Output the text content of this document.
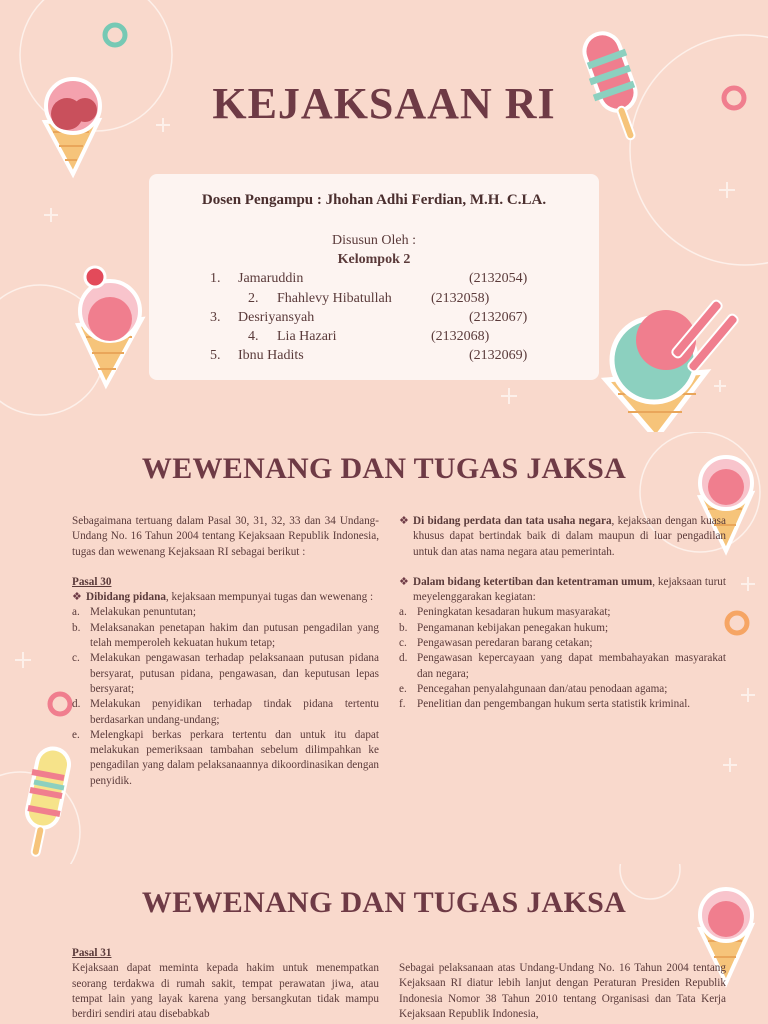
KEJAKSAAN RI
Dosen Pengampu : Jhohan Adhi Ferdian, M.H. C.LA.
Disusun Oleh :
Kelompok 2
1. Jamaruddin	(2132054)
2. Fhahlevy Hibatullah	(2132058)
3. Desriyansyah	(2132067)
4. Lia Hazari	(2132068)
5. Ibnu Hadits	(2132069)
WEWENANG DAN TUGAS JAKSA

Sebagaimana tertuang dalam Pasal 30, 31, 32, 33 dan 34 Undang-Undang No. 16 Tahun 2004 tentang Kejaksaan Republik Indonesia, tugas dan wewenang Kejaksaan RI sebagai berikut :

Pasal 30

❖ Dibidang pidana, kejaksaan mempunyai tugas dan wewenang :

a. Melakukan penuntutan;

b. Melaksanakan penetapan hakim dan putusan pengadilan yang telah memperoleh kekuatan hukum tetap;

c. Melakukan pengawasan terhadap pelaksanaan putusan pidana bersyarat, putusan pidana, pengawasan, dan keputusan lepas bersyarat;

d. Melakukan penyidikan terhadap tindak pidana tertentu berdasarkan undang-undang;

e. Melengkapi berkas perkara tertentu dan untuk itu dapat melakukan pemeriksaan tambahan sebelum dilimpahkan ke pengadilan yang dalam pelaksanaannya dikoordinasikan dengan penyidik.

❖ Di bidang perdata dan tata usaha negara, kejaksaan dengan kuasa khusus dapat bertindak baik di dalam maupun di luar pengadilan untuk dan atas nama negara atau pemerintah.

❖ Dalam bidang ketertiban dan ketentraman umum, kejaksaan turut meyelenggarakan kegiatan:

a. Peningkatan kesadaran hukum masyarakat;

b. Pengamanan kebijakan penegakan hukum;

c. Pengawasan peredaran barang cetakan;

d. Pengawasan kepercayaan yang dapat membahayakan masyarakat dan negara;

e. Pencegahan penyalahgunaan dan/atau penodaan agama;

f. Penelitian dan pengembangan hukum serta statistik kriminal.

WEWENANG DAN TUGAS JAKSA

Pasal 31

Kejaksaan dapat meminta kepada hakim untuk menempatkan seorang terdakwa di rumah sakit, tempat perawatan jiwa, atau tempat lain yang layak karena yang bersangkutan tidak mampu berdiri sendiri atau disebabkab

Sebagai pelaksanaan atas Undang-Undang No. 16 Tahun 2004 tentang Kejaksaan RI diatur lebih lanjut dengan Peraturan Presiden Republik Indonesia Nomor 38 Tahun 2010 tentang Organisasi dan Tata Kerja Kejaksaan Republik Indonesia,
